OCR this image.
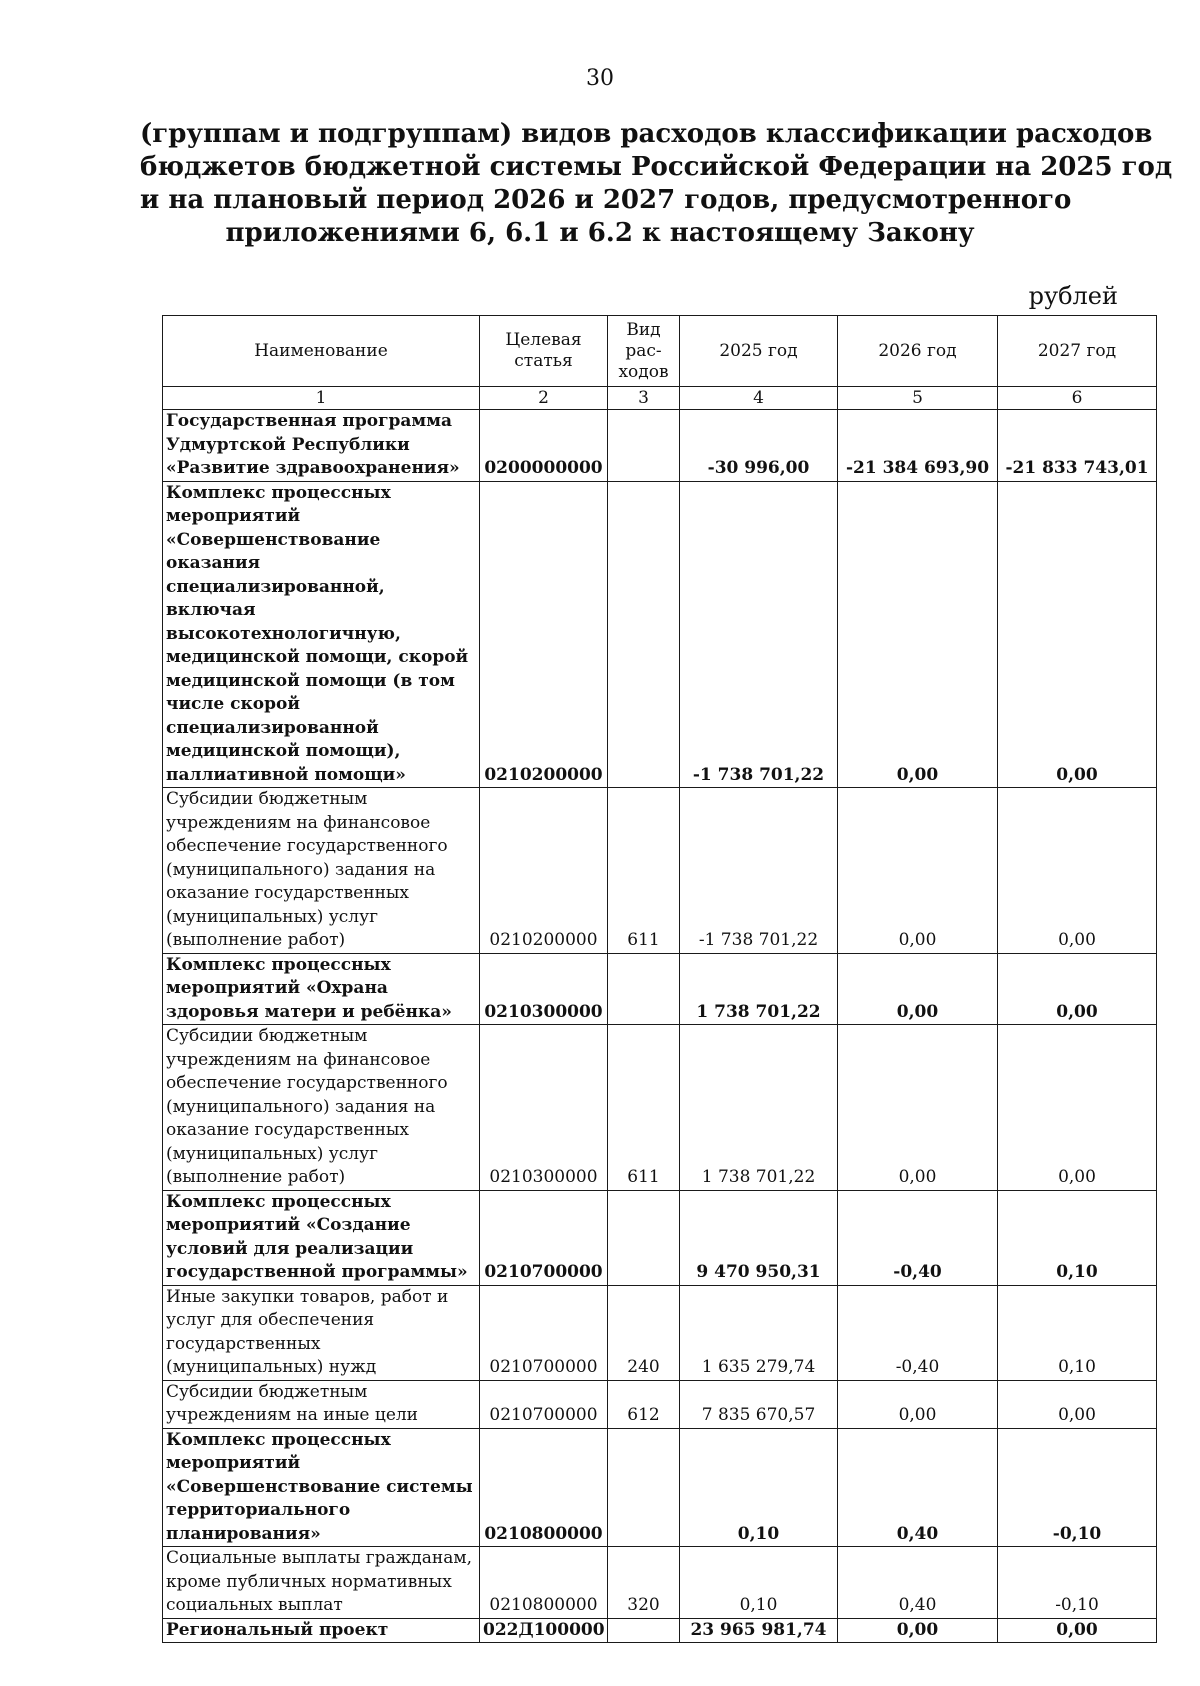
30
(группам и подгруппам) видов расходов классификации расходов
бюджетов бюджетной системы Российской Федерации на 2025 год
и на плановый период 2026 и 2027 годов, предусмотренного
приложениями 6, 6.1 и 6.2 к настоящему Закону
рублей
Наименование	Целевая статья	Вид рас-ходов	2025 год	2026 год	2027 год
1	2	3	4	5	6
Государственная программа Удмуртской Республики «Развитие здравоохранения»	0200000000		-30 996,00	-21 384 693,90	-21 833 743,01
Комплекс процессных мероприятий «Совершенствование оказания специализированной, включая высокотехнологичную, медицинской помощи, скорой медицинской помощи (в том числе скорой специализированной медицинской помощи), паллиативной помощи»	0210200000		-1 738 701,22	0,00	0,00
Субсидии бюджетным учреждениям на финансовое обеспечение государственного (муниципального) задания на оказание государственных (муниципальных) услуг (выполнение работ)	0210200000	611	-1 738 701,22	0,00	0,00
Комплекс процессных мероприятий «Охрана здоровья матери и ребёнка»	0210300000		1 738 701,22	0,00	0,00
Субсидии бюджетным учреждениям на финансовое обеспечение государственного (муниципального) задания на оказание государственных (муниципальных) услуг (выполнение работ)	0210300000	611	1 738 701,22	0,00	0,00
Комплекс процессных мероприятий «Создание условий для реализации государственной программы»	0210700000		9 470 950,31	-0,40	0,10
Иные закупки товаров, работ и услуг для обеспечения государственных (муниципальных) нужд	0210700000	240	1 635 279,74	-0,40	0,10
Субсидии бюджетным учреждениям на иные цели	0210700000	612	7 835 670,57	0,00	0,00
Комплекс процессных мероприятий «Совершенствование системы территориального планирования»	0210800000		0,10	0,40	-0,10
Социальные выплаты гражданам, кроме публичных нормативных социальных выплат	0210800000	320	0,10	0,40	-0,10
Региональный проект	022Д100000		23 965 981,74	0,00	0,00
